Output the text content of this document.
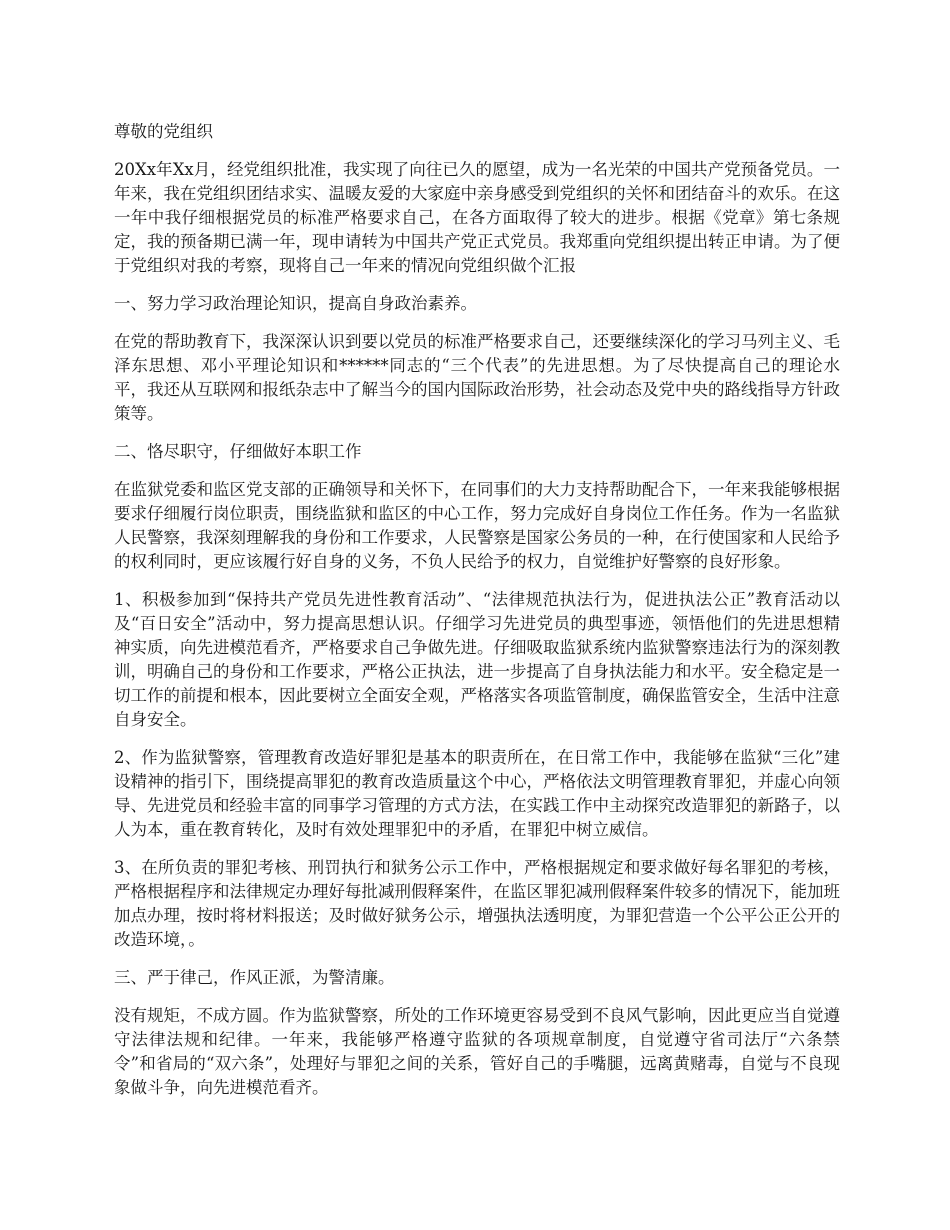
尊敬的党组织

20Xx年Xx月，经党组织批准，我实现了向往已久的愿望，成为一名光荣的中国共产党预备党员。一年来，我在党组织团结求实、温暖友爱的大家庭中亲身感受到党组织的关怀和团结奋斗的欢乐。在这一年中我仔细根据党员的标准严格要求自己，在各方面取得了较大的进步。根据《党章》第七条规定，我的预备期已满一年，现申请转为中国共产党正式党员。我郑重向党组织提出转正申请。为了便于党组织对我的考察，现将自己一年来的情况向党组织做个汇报

一、努力学习政治理论知识，提高自身政治素养。

在党的帮助教育下，我深深认识到要以党员的标准严格要求自己，还要继续深化的学习马列主义、毛泽东思想、邓小平理论知识和******同志的“三个代表”的先进思想。为了尽快提高自己的理论水平，我还从互联网和报纸杂志中了解当今的国内国际政治形势，社会动态及党中央的路线指导方针政策等。

二、恪尽职守，仔细做好本职工作

在监狱党委和监区党支部的正确领导和关怀下，在同事们的大力支持帮助配合下，一年来我能够根据要求仔细履行岗位职责，围绕监狱和监区的中心工作，努力完成好自身岗位工作任务。作为一名监狱人民警察，我深刻理解我的身份和工作要求，人民警察是国家公务员的一种，在行使国家和人民给予的权利同时，更应该履行好自身的义务，不负人民给予的权力，自觉维护好警察的良好形象。

1、积极参加到“保持共产党员先进性教育活动”、“法律规范执法行为，促进执法公正”教育活动以及“百日安全”活动中，努力提高思想认识。仔细学习先进党员的典型事迹，领悟他们的先进思想精神实质，向先进模范看齐，严格要求自己争做先进。仔细吸取监狱系统内监狱警察违法行为的深刻教训，明确自己的身份和工作要求，严格公正执法，进一步提高了自身执法能力和水平。安全稳定是一切工作的前提和根本，因此要树立全面安全观，严格落实各项监管制度，确保监管安全，生活中注意自身安全。

2、作为监狱警察，管理教育改造好罪犯是基本的职责所在，在日常工作中，我能够在监狱“三化”建设精神的指引下，围绕提高罪犯的教育改造质量这个中心，严格依法文明管理教育罪犯，并虚心向领导、先进党员和经验丰富的同事学习管理的方式方法，在实践工作中主动探究改造罪犯的新路子，以人为本，重在教育转化，及时有效处理罪犯中的矛盾，在罪犯中树立威信。

3、在所负责的罪犯考核、刑罚执行和狱务公示工作中，严格根据规定和要求做好每名罪犯的考核，严格根据程序和法律规定办理好每批减刑假释案件，在监区罪犯减刑假释案件较多的情况下，能加班加点办理，按时将材料报送；及时做好狱务公示，增强执法透明度，为罪犯营造一个公平公正公开的改造环境，。

三、严于律己，作风正派，为警清廉。

没有规矩，不成方圆。作为监狱警察，所处的工作环境更容易受到不良风气影响，因此更应当自觉遵守法律法规和纪律。一年来，我能够严格遵守监狱的各项规章制度，自觉遵守省司法厅“六条禁令”和省局的“双六条”，处理好与罪犯之间的关系，管好自己的手嘴腿，远离黄赌毒，自觉与不良现象做斗争，向先进模范看齐。
